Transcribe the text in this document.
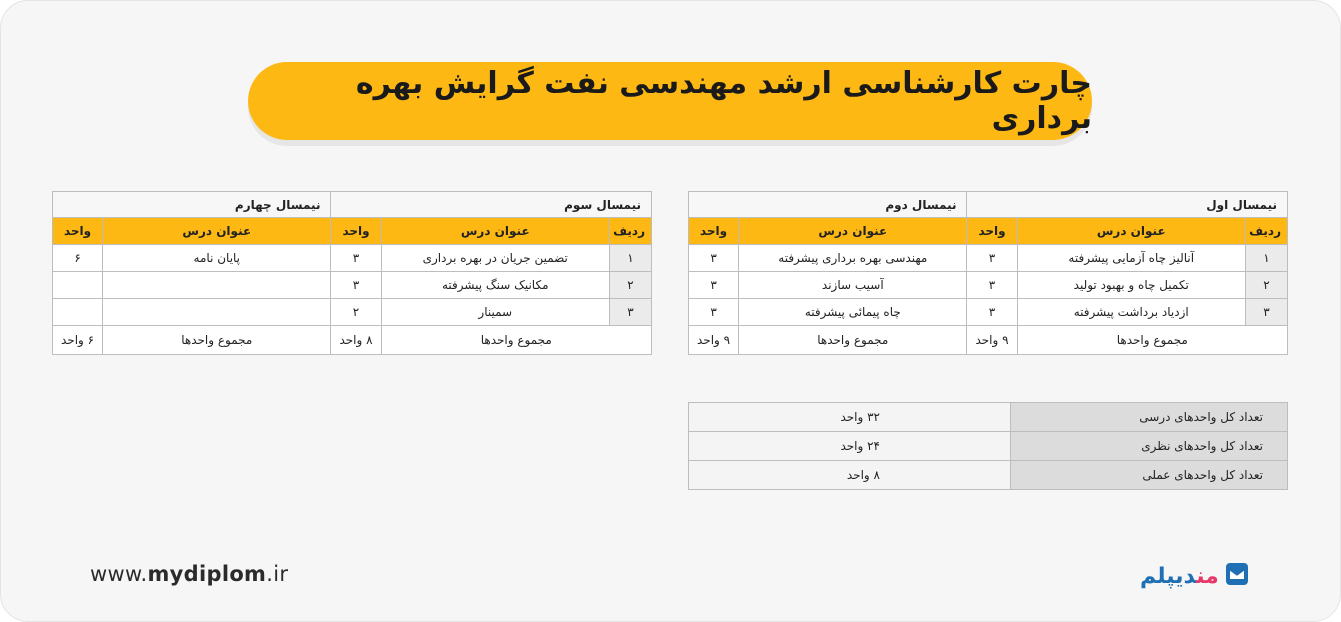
چارت کارشناسی ارشد مهندسی نفت گرایش بهره برداری
نیمسال اول			نیمسال دوم	
ردیف	عنوان درس	واحد	عنوان درس	واحد
۱	آنالیز چاه آزمایی پیشرفته	۳	مهندسی بهره برداری پیشرفته	۳
۲	تکمیل چاه و بهبود تولید	۳	آسیب سازند	۳
۳	ازدیاد برداشت پیشرفته	۳	چاه پیمائی پیشرفته	۳
مجموع واحدها		۹ واحد	مجموع واحدها	۹ واحد
نیمسال سوم			نیمسال چهارم	
ردیف	عنوان درس	واحد	عنوان درس	واحد
۱	تضمین جریان در بهره برداری	۳	پایان نامه	۶
۲	مکانیک سنگ پیشرفته	۳		
۳	سمینار	۲		
مجموع واحدها		۸ واحد	مجموع واحدها	۶ واحد
تعداد کل واحدهای درسی	۳۲ واحد
تعداد کل واحدهای نظری	۲۴ واحد
تعداد کل واحدهای عملی	۸ واحد
www.mydiplom.ir	مندیپلم
